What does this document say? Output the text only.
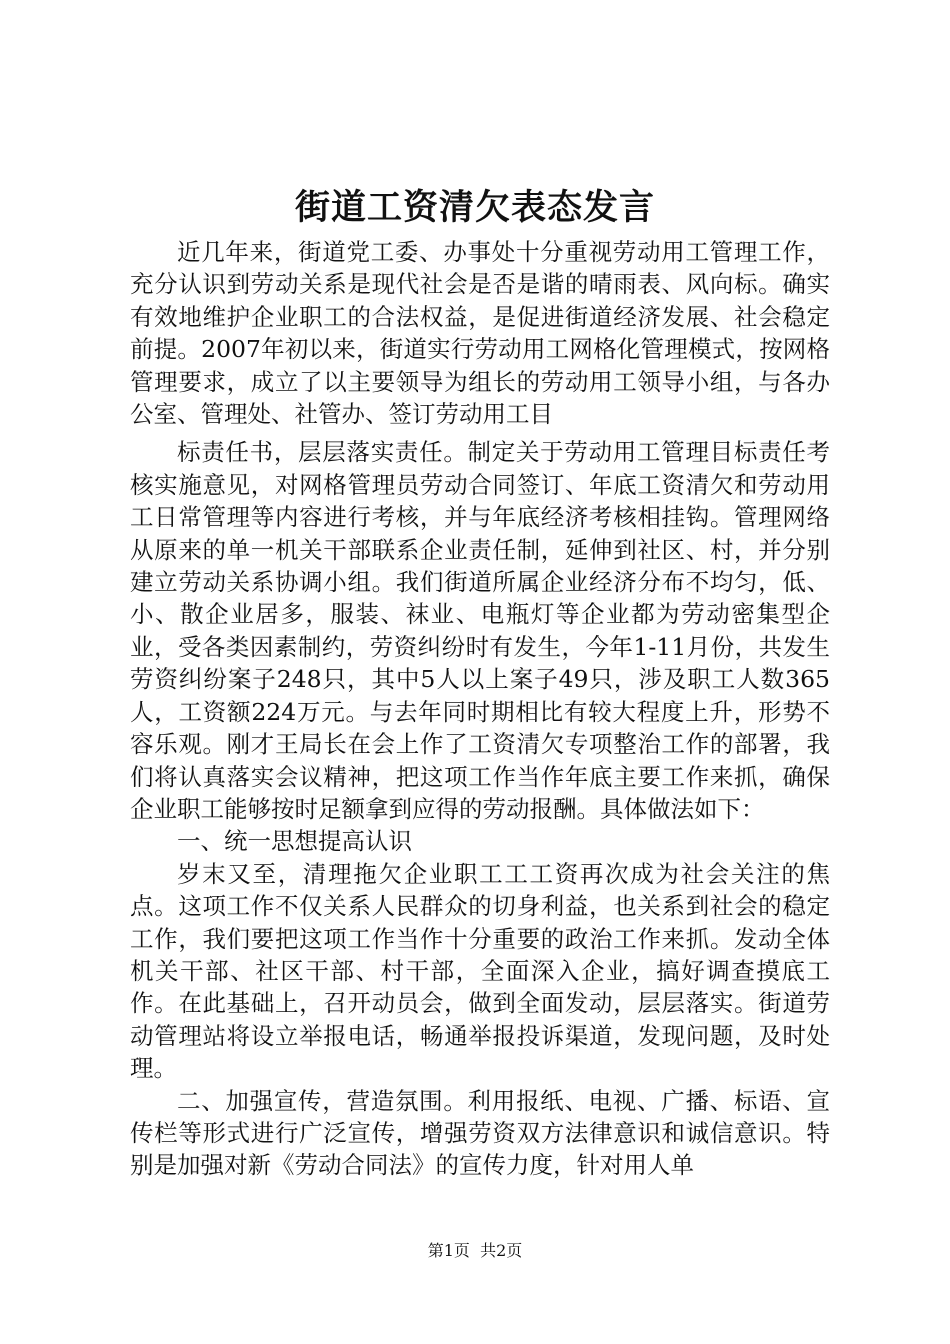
街道工资清欠表态发言

近几年来，街道党工委、办事处十分重视劳动用工管理工作，充分认识到劳动关系是现代社会是否是谐的晴雨表、风向标。确实有效地维护企业职工的合法权益，是促进街道经济发展、社会稳定前提。2007年初以来，街道实行劳动用工网格化管理模式，按网格管理要求，成立了以主要领导为组长的劳动用工领导小组，与各办公室、管理处、社管办、签订劳动用工目

标责任书，层层落实责任。制定关于劳动用工管理目标责任考核实施意见，对网格管理员劳动合同签订、年底工资清欠和劳动用工日常管理等内容进行考核，并与年底经济考核相挂钩。管理网络从原来的单一机关干部联系企业责任制，延伸到社区、村，并分别建立劳动关系协调小组。我们街道所属企业经济分布不均匀，低、小、散企业居多，服装、袜业、电瓶灯等企业都为劳动密集型企业，受各类因素制约，劳资纠纷时有发生，今年1-11月份，共发生劳资纠纷案子248只，其中5人以上案子49只，涉及职工人数365人，工资额224万元。与去年同时期相比有较大程度上升，形势不容乐观。刚才王局长在会上作了工资清欠专项整治工作的部署，我们将认真落实会议精神，把这项工作当作年底主要工作来抓，确保企业职工能够按时足额拿到应得的劳动报酬。具体做法如下：

一、统一思想提高认识

岁末又至，清理拖欠企业职工工工资再次成为社会关注的焦点。这项工作不仅关系人民群众的切身利益，也关系到社会的稳定工作，我们要把这项工作当作十分重要的政治工作来抓。发动全体机关干部、社区干部、村干部，全面深入企业，搞好调查摸底工作。在此基础上，召开动员会，做到全面发动，层层落实。街道劳动管理站将设立举报电话，畅通举报投诉渠道，发现问题，及时处理。

二、加强宣传，营造氛围。利用报纸、电视、广播、标语、宣传栏等形式进行广泛宣传，增强劳资双方法律意识和诚信意识。特别是加强对新《劳动合同法》的宣传力度，针对用人单

第1页 共2页
